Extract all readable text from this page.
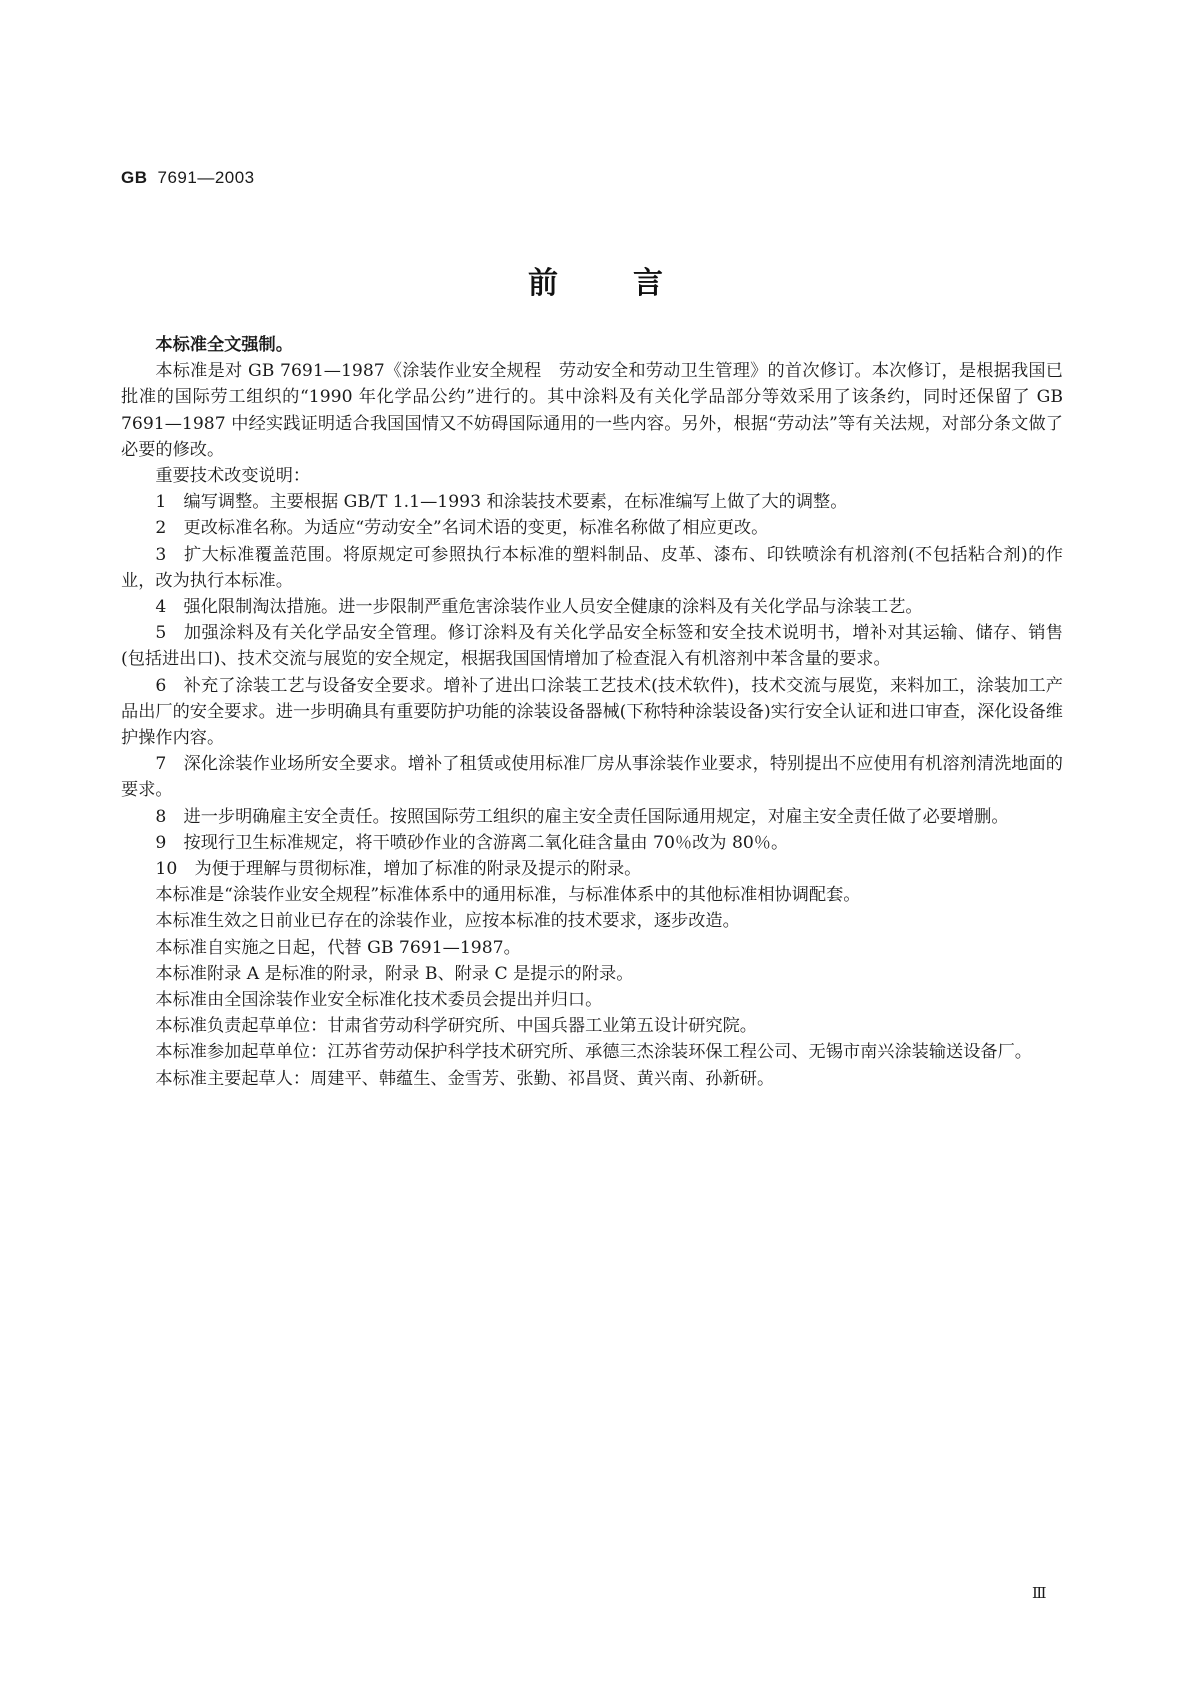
GB 7691—2003
前言

本标准全文强制。

本标准是对 GB 7691—1987《涂装作业安全规程　劳动安全和劳动卫生管理》的首次修订。本次修订，是根据我国已批准的国际劳工组织的“1990 年化学品公约”进行的。其中涂料及有关化学品部分等效采用了该条约，同时还保留了 GB 7691—1987 中经实践证明适合我国国情又不妨碍国际通用的一些内容。另外，根据“劳动法”等有关法规，对部分条文做了必要的修改。

重要技术改变说明：

1 编写调整。主要根据 GB/T 1.1—1993 和涂装技术要素，在标准编写上做了大的调整。

2 更改标准名称。为适应“劳动安全”名词术语的变更，标准名称做了相应更改。

3 扩大标准覆盖范围。将原规定可参照执行本标准的塑料制品、皮革、漆布、印铁喷涂有机溶剂(不包括粘合剂)的作业，改为执行本标准。

4 强化限制淘汰措施。进一步限制严重危害涂装作业人员安全健康的涂料及有关化学品与涂装工艺。

5 加强涂料及有关化学品安全管理。修订涂料及有关化学品安全标签和安全技术说明书，增补对其运输、储存、销售(包括进出口)、技术交流与展览的安全规定，根据我国国情增加了检查混入有机溶剂中苯含量的要求。

6 补充了涂装工艺与设备安全要求。增补了进出口涂装工艺技术(技术软件)，技术交流与展览，来料加工，涂装加工产品出厂的安全要求。进一步明确具有重要防护功能的涂装设备器械(下称特种涂装设备)实行安全认证和进口审查，深化设备维护操作内容。

7 深化涂装作业场所安全要求。增补了租赁或使用标准厂房从事涂装作业要求，特别提出不应使用有机溶剂清洗地面的要求。

8 进一步明确雇主安全责任。按照国际劳工组织的雇主安全责任国际通用规定，对雇主安全责任做了必要增删。

9 按现行卫生标准规定，将干喷砂作业的含游离二氧化硅含量由 70％改为 80％。

10 为便于理解与贯彻标准，增加了标准的附录及提示的附录。

本标准是“涂装作业安全规程”标准体系中的通用标准，与标准体系中的其他标准相协调配套。

本标准生效之日前业已存在的涂装作业，应按本标准的技术要求，逐步改造。

本标准自实施之日起，代替 GB 7691—1987。

本标准附录 A 是标准的附录，附录 B、附录 C 是提示的附录。

本标准由全国涂装作业安全标准化技术委员会提出并归口。

本标准负责起草单位：甘肃省劳动科学研究所、中国兵器工业第五设计研究院。

本标准参加起草单位：江苏省劳动保护科学技术研究所、承德三杰涂装环保工程公司、无锡市南兴涂装输送设备厂。

本标准主要起草人：周建平、韩蕴生、金雪芳、张勤、祁昌贤、黄兴南、孙新研。

Ⅲ
